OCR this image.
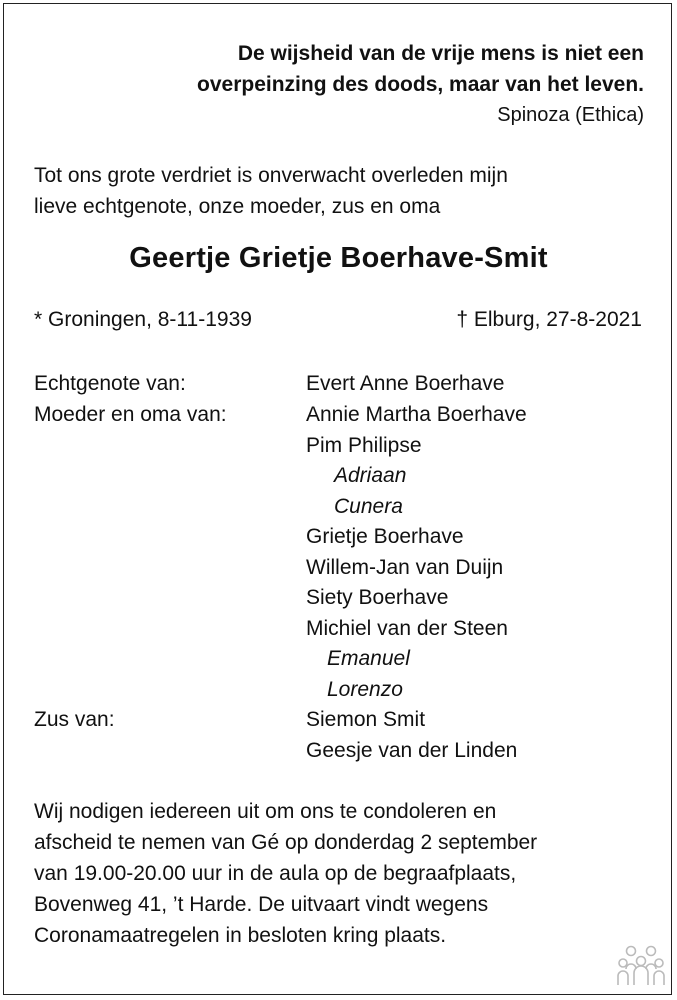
De wijsheid van de vrije mens is niet een
overpeinzing des doods, maar van het leven.
Spinoza (Ethica)
Tot ons grote verdriet is onverwacht overleden mijn
lieve echtgenote, onze moeder, zus en oma
Geertje Grietje Boerhave-Smit
* Groningen, 8-11-1939	† Elburg, 27-8-2021
Echtgenote van:
Moeder en oma van:
Zus van:
Evert Anne Boerhave
Annie Martha Boerhave
Pim Philipse
Adriaan
Cunera
Grietje Boerhave
Willem-Jan van Duijn
Siety Boerhave
Michiel van der Steen
Emanuel
Lorenzo
Siemon Smit
Geesje van der Linden
Wij nodigen iedereen uit om ons te condoleren en
afscheid te nemen van Gé op donderdag 2 september
van 19.00-20.00 uur in de aula op de begraafplaats,
Bovenweg 41, ’t Harde. De uitvaart vindt wegens
Coronamaatregelen in besloten kring plaats.
